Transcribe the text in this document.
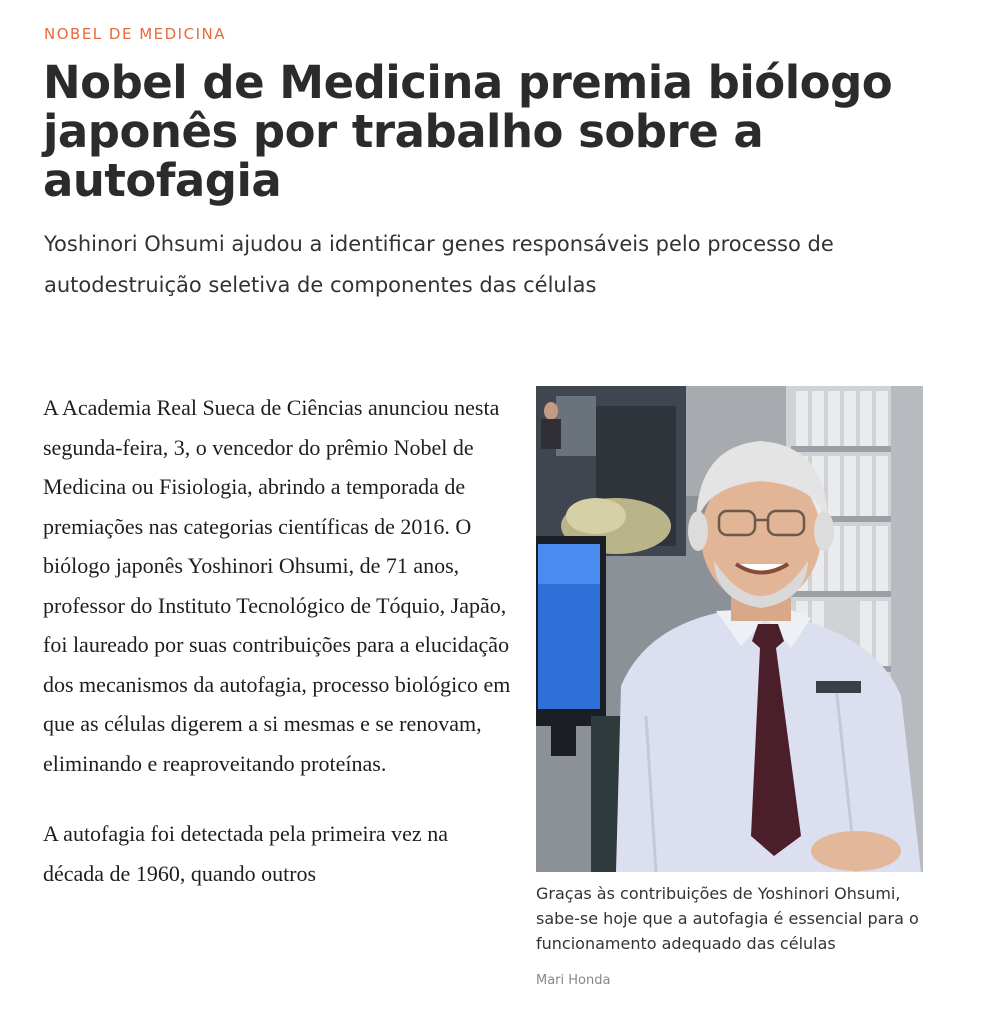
NOBEL DE MEDICINA
Nobel de Medicina premia biólogo japonês por trabalho sobre a autofagia
Yoshinori Ohsumi ajudou a identificar genes responsáveis pelo processo de autodestruição seletiva de componentes das células

A Academia Real Sueca de Ciências anunciou nesta segunda-feira, 3, o vencedor do prêmio Nobel de Medicina ou Fisiologia, abrindo a temporada de premiações nas categorias científicas de 2016. O biólogo japonês Yoshinori Ohsumi, de 71 anos, professor do Instituto Tecnológico de Tóquio, Japão, foi laureado por suas contribuições para a elucidação dos mecanismos da autofagia, processo biológico em que as células digerem a si mesmas e se renovam, eliminando e reaproveitando proteínas.

A autofagia foi detectada pela primeira vez na década de 1960, quando outros

Graças às contribuições de Yoshinori Ohsumi, sabe-se hoje que a autofagia é essencial para o funcionamento adequado das células
Mari Honda
